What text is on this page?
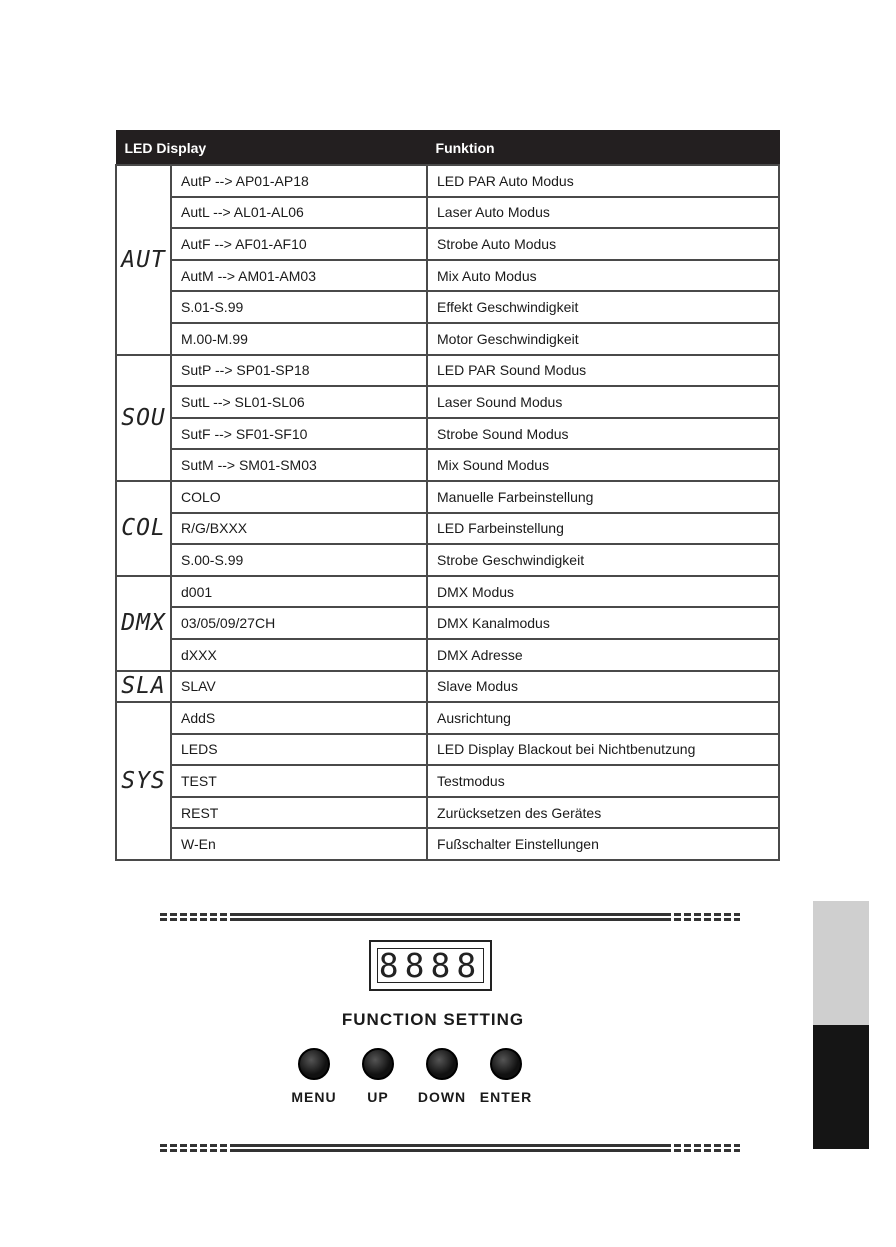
LED Display		Funktion
AUT	AutP --> AP01-AP18	LED PAR Auto Modus
	AutL --> AL01-AL06	Laser Auto Modus
	AutF --> AF01-AF10	Strobe Auto Modus
	AutM --> AM01-AM03	Mix Auto Modus
	S.01-S.99	Effekt Geschwindigkeit
	M.00-M.99	Motor Geschwindigkeit
SOU	SutP --> SP01-SP18	LED PAR Sound Modus
	SutL --> SL01-SL06	Laser Sound Modus
	SutF --> SF01-SF10	Strobe Sound Modus
	SutM --> SM01-SM03	Mix Sound Modus
COL	COLO	Manuelle Farbeinstellung
	R/G/BXXX	LED Farbeinstellung
	S.00-S.99	Strobe Geschwindigkeit
DMX	d001	DMX Modus
	03/05/09/27CH	DMX Kanalmodus
	dXXX	DMX Adresse
SLA	SLAV	Slave Modus
SYS	AddS	Ausrichtung
	LEDS	LED Display Blackout bei Nichtbenutzung
	TEST	Testmodus
	REST	Zurücksetzen des Gerätes
	W-En	Fußschalter Einstellungen
8888
FUNCTION SETTING
MENU	UP	DOWN ENTER
